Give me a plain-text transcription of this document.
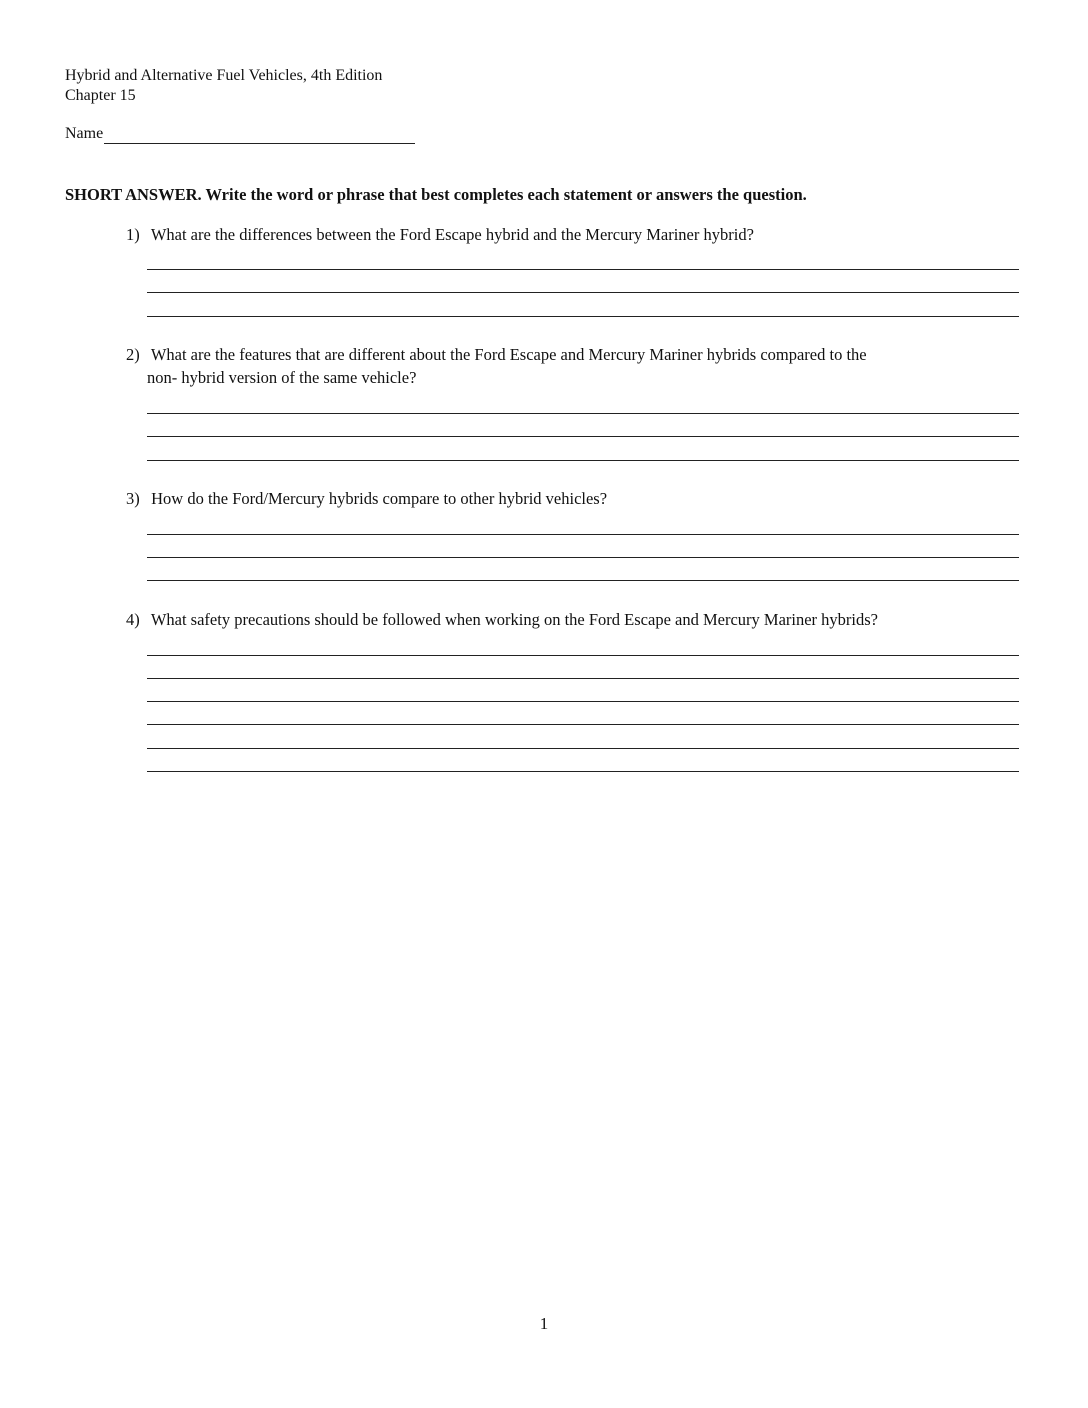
Hybrid and Alternative Fuel Vehicles, 4th Edition
Chapter 15
Name
SHORT ANSWER. Write the word or phrase that best completes each statement or answers the question.
1) What are the differences between the Ford Escape hybrid and the Mercury Mariner hybrid?
2) What are the features that are different about the Ford Escape and Mercury Mariner hybrids compared to the
non- hybrid version of the same vehicle?
3) How do the Ford/Mercury hybrids compare to other hybrid vehicles?
4) What safety precautions should be followed when working on the Ford Escape and Mercury Mariner hybrids?
1
